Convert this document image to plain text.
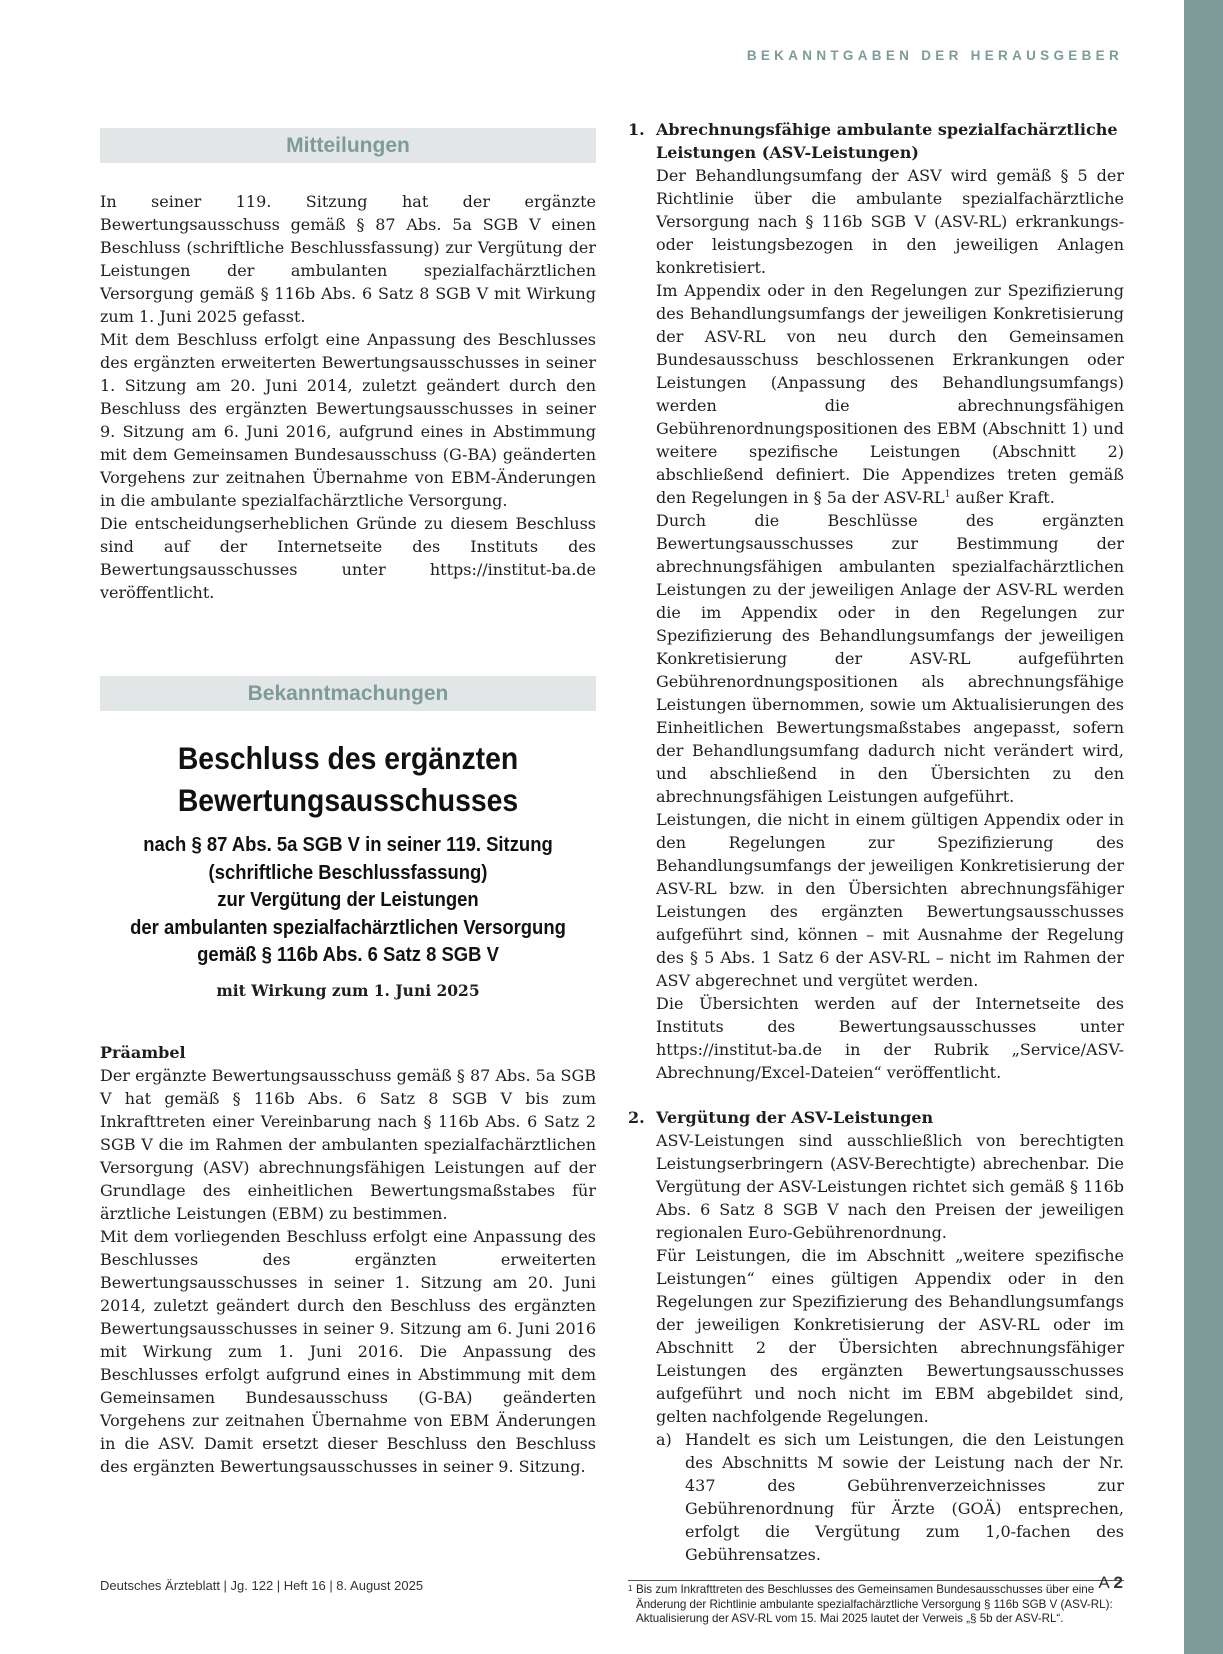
BEKANNTGABEN DER HERAUSGEBER
Mitteilungen

In seiner 119. Sitzung hat der ergänzte Bewertungsausschuss gemäß § 87 Abs. 5a SGB V einen Beschluss (schriftliche Beschlussfassung) zur Vergütung der Leistungen der ambulanten spezialfachärztlichen Versorgung gemäß § 116b Abs. 6 Satz 8 SGB V mit Wirkung zum 1. Juni 2025 gefasst.

Mit dem Beschluss erfolgt eine Anpassung des Beschlusses des ergänzten erweiterten Bewertungsausschusses in seiner 1. Sitzung am 20. Juni 2014, zuletzt geändert durch den Beschluss des ergänzten Bewertungsausschusses in seiner 9. Sitzung am 6. Juni 2016, aufgrund eines in Abstimmung mit dem Gemeinsamen Bundesausschuss (G-BA) geänderten Vorgehens zur zeitnahen Übernahme von EBM-Änderungen in die ambulante spezialfachärztliche Versorgung.

Die entscheidungserheblichen Gründe zu diesem Beschluss sind auf der Internetseite des Instituts des Bewertungsausschusses unter https://institut-ba.de veröffentlicht.

Bekanntmachungen
Beschluss des ergänzten
Bewertungsausschusses
nach § 87 Abs. 5a SGB V in seiner 119. Sitzung
(schriftliche Beschlussfassung)
zur Vergütung der Leistungen
der ambulanten spezialfachärztlichen Versorgung
gemäß § 116b Abs. 6 Satz 8 SGB V
mit Wirkung zum 1. Juni 2025
Präambel

Der ergänzte Bewertungsausschuss gemäß § 87 Abs. 5a SGB V hat gemäß § 116b Abs. 6 Satz 8 SGB V bis zum Inkrafttreten einer Vereinbarung nach § 116b Abs. 6 Satz 2 SGB V die im Rahmen der ambulanten spezialfachärztlichen Versorgung (ASV) abrechnungsfähigen Leistungen auf der Grundlage des einheitlichen Bewertungsmaßstabes für ärztliche Leistungen (EBM) zu bestimmen.

Mit dem vorliegenden Beschluss erfolgt eine Anpassung des Beschlusses des ergänzten erweiterten Bewertungsausschusses in seiner 1. Sitzung am 20. Juni 2014, zuletzt geändert durch den Beschluss des ergänzten Bewertungsausschusses in seiner 9. Sitzung am 6. Juni 2016 mit Wirkung zum 1. Juni 2016. Die Anpassung des Beschlusses erfolgt aufgrund eines in Abstimmung mit dem Gemeinsamen Bundesausschuss (G-BA) geänderten Vorgehens zur zeitnahen Übernahme von EBM Änderungen in die ASV. Damit ersetzt dieser Beschluss den Beschluss des ergänzten Bewertungsausschusses in seiner 9. Sitzung.

1. Abrechnungsfähige ambulante spezialfachärztliche
Leistungen (ASV-Leistungen)

Der Behandlungsumfang der ASV wird gemäß § 5 der Richtlinie über die ambulante spezialfachärztliche Versorgung nach § 116b SGB V (ASV-RL) erkrankungs- oder leistungsbezogen in den jeweiligen Anlagen konkretisiert.

Im Appendix oder in den Regelungen zur Spezifizierung des Behandlungsumfangs der jeweiligen Konkretisierung der ASV-RL von neu durch den Gemeinsamen Bundesausschuss beschlossenen Erkrankungen oder Leistungen (Anpassung des Behandlungsumfangs) werden die abrechnungsfähigen Gebührenordnungspositionen des EBM (Abschnitt 1) und weitere spezifische Leistungen (Abschnitt 2) abschließend definiert. Die Appendizes treten gemäß den Regelungen in § 5a der ASV-$RL^1$ außer Kraft.

Durch die Beschlüsse des ergänzten Bewertungsausschusses zur Bestimmung der abrechnungsfähigen ambulanten spezialfachärztlichen Leistungen zu der jeweiligen Anlage der ASV-RL werden die im Appendix oder in den Regelungen zur Spezifizierung des Behandlungsumfangs der jeweiligen Konkretisierung der ASV-RL aufgeführten Gebührenordnungspositionen als abrechnungsfähige Leistungen übernommen, sowie um Aktualisierungen des Einheitlichen Bewertungsmaßstabes angepasst, sofern der Behandlungsumfang dadurch nicht verändert wird, und abschließend in den Übersichten zu den abrechnungsfähigen Leistungen aufgeführt.

Leistungen, die nicht in einem gültigen Appendix oder in den Regelungen zur Spezifizierung des Behandlungsumfangs der jeweiligen Konkretisierung der ASV-RL bzw. in den Übersichten abrechnungsfähiger Leistungen des ergänzten Bewertungsausschusses aufgeführt sind, können – mit Ausnahme der Regelung des § 5 Abs. 1 Satz 6 der ASV-RL – nicht im Rahmen der ASV abgerechnet und vergütet werden.

Die Übersichten werden auf der Internetseite des Instituts des Bewertungsausschusses unter https://institut-ba.de in der Rubrik „Service/ASV-Abrechnung/Excel-Dateien“ veröffentlicht.

2. Vergütung der ASV-Leistungen

ASV-Leistungen sind ausschließlich von berechtigten Leistungserbringern (ASV-Berechtigte) abrechenbar. Die Vergütung der ASV-Leistungen richtet sich gemäß § 116b Abs. 6 Satz 8 SGB V nach den Preisen der jeweiligen regionalen Euro-Gebührenordnung.

Für Leistungen, die im Abschnitt „weitere spezifische Leistungen“ eines gültigen Appendix oder in den Regelungen zur Spezifizierung des Behandlungsumfangs der jeweiligen Konkretisierung der ASV-RL oder im Abschnitt 2 der Übersichten abrechnungsfähiger Leistungen des ergänzten Bewertungsausschusses aufgeführt und noch nicht im EBM abgebildet sind, gelten nachfolgende Regelungen.

a) Handelt es sich um Leistungen, die den Leistungen des Abschnitts M sowie der Leistung nach der Nr. 437 des Gebührenverzeichnisses zur Gebührenordnung für Ärzte (GOÄ) entsprechen, erfolgt die Vergütung zum 1,0-fachen des Gebührensatzes.

1 Bis zum Inkrafttreten des Beschlusses des Gemeinsamen Bundesausschusses über eine Änderung der Richtlinie ambulante spezialfachärztliche Versorgung § 116b SGB V (ASV-RL): Aktualisierung der ASV-RL vom 15. Mai 2025 lautet der Verweis „§ 5b der ASV-RL“.
Deutsches Ärzteblatt | Jg. 122 | Heft 16 | 8. August 2025	A 2
